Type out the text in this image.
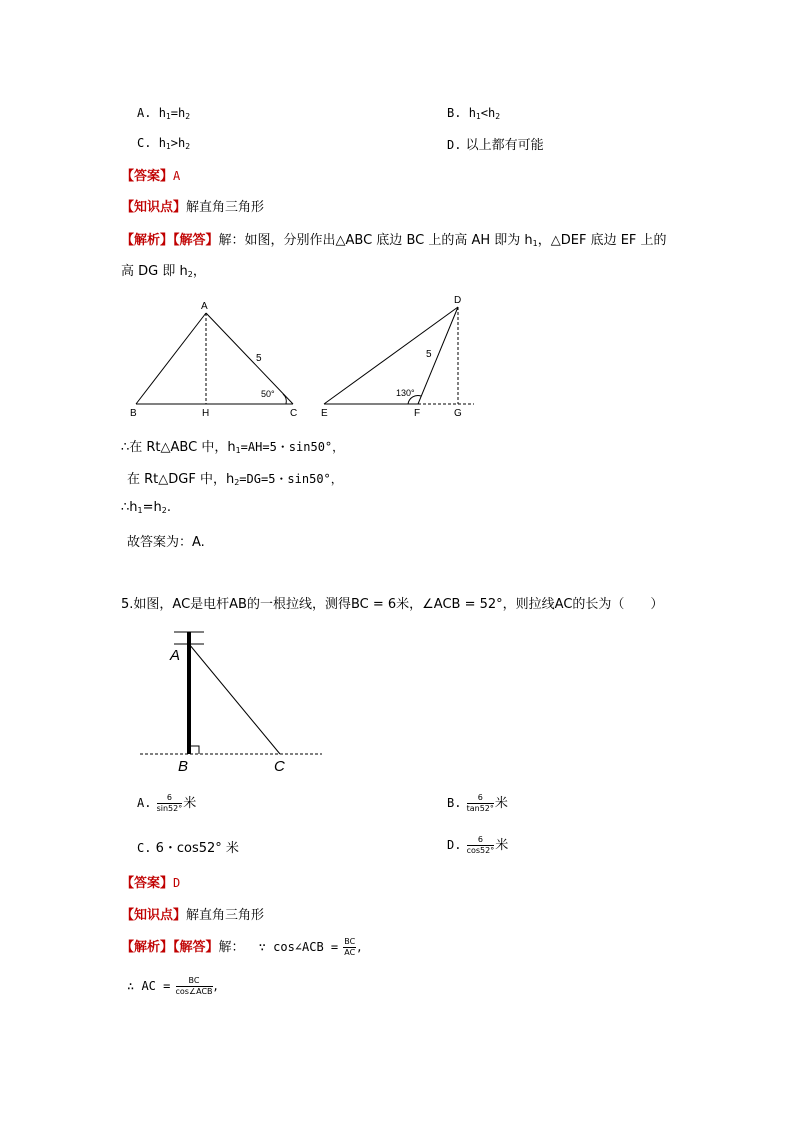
A. $h_1=h_2$	B. $h_1<h_2$
C. $h_1>h_2$	D. 以上都有可能
【答案】A
【知识点】解直角三角形
【解析】【解答】解：如图，分别作出△ABC 底边 BC 上的高 AH 即为 $h_1$，△DEF 底边 EF 上的
高 DG 即 $h_2$，
A
B	H	C
5
50°
D
E	F	G
5
130°
∴在 Rt△ABC 中，$h_1=AH=5$・sin50°，
在 Rt△DGF 中，$h_2=DG=5$・sin50°，
$\therefore h_1=h_2$.
故答案为：A.
5.如图，AC是电杆AB的一根拉线，测得BC = 6米，∠ACB = 52°，则拉线AC的长为（　　）
A
B	C
A. $\frac{6}{\sin 52^\circ}$ 米	B. $\frac{6}{\tan 52^\circ}$ 米
C. 6・cos52° 米	D. $\frac{6}{\cos 52^\circ}$ 米
【答案】D
【知识点】解直角三角形
【解析】【解答】解： ∵ cos∠ACB = $\frac{BC}{AC}$ ,
∴ AC = $\frac{BC}{\text{cos∠ACB}}$ ,
